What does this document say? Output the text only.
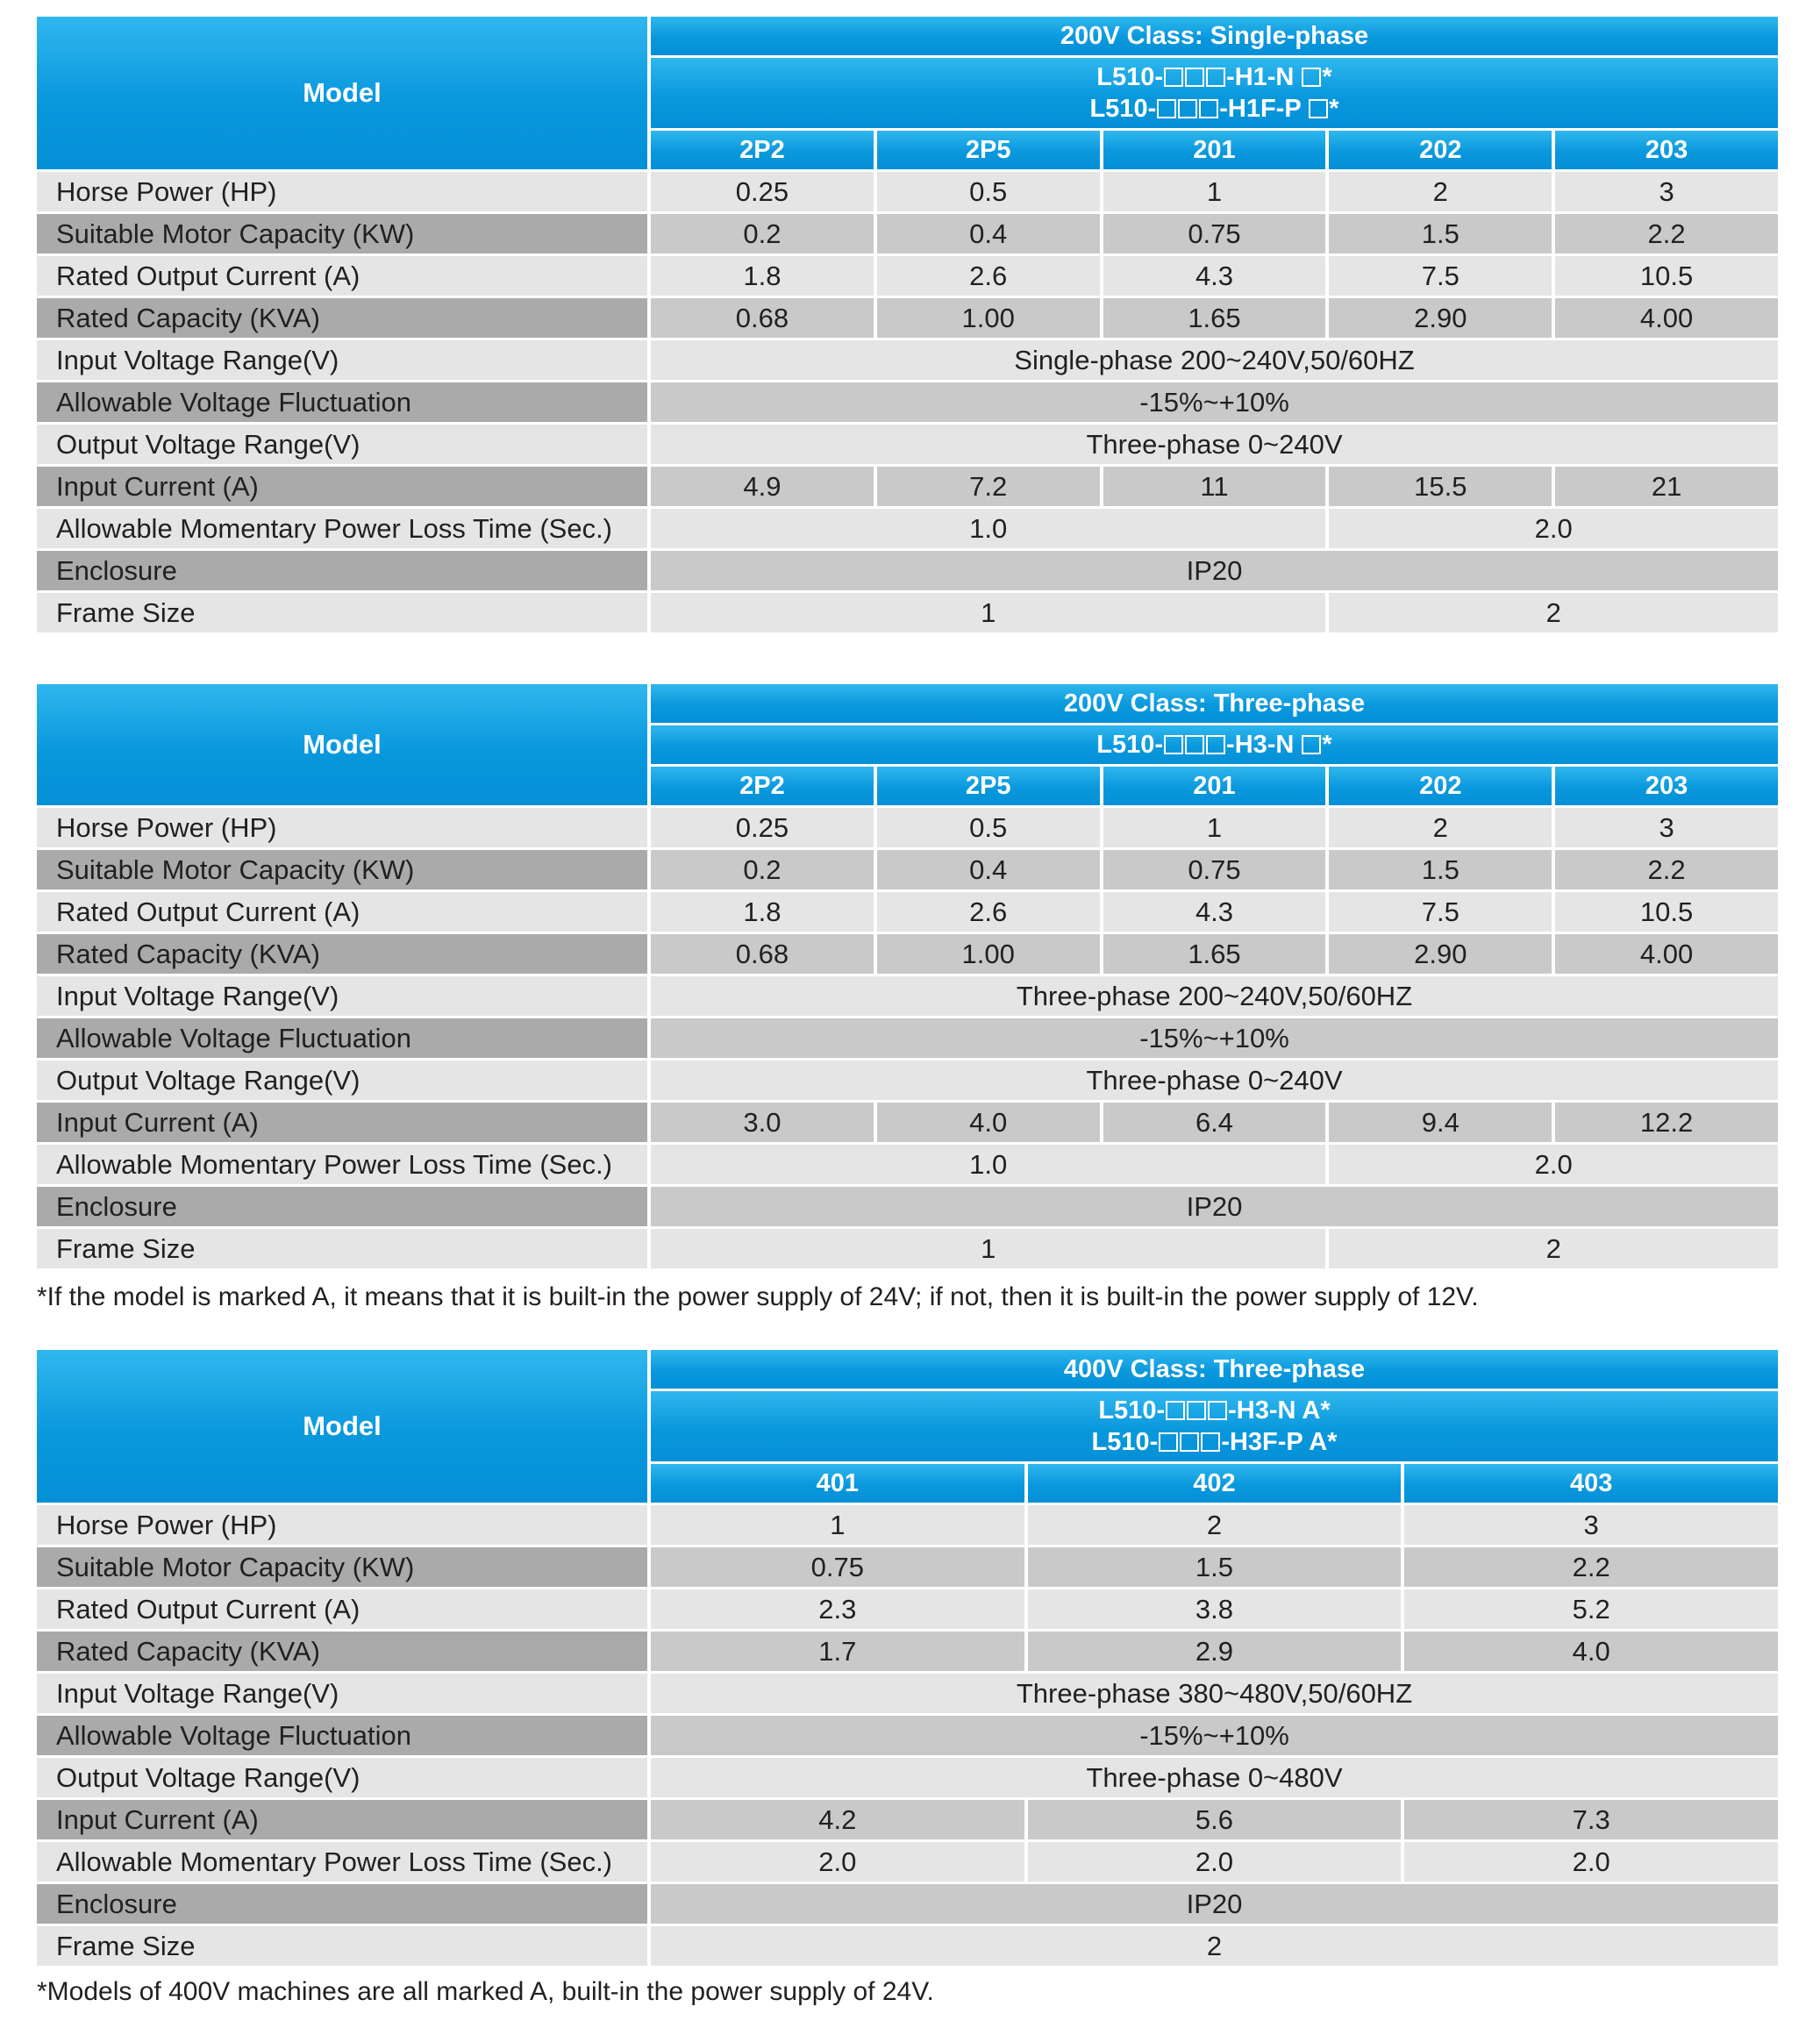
Model	200V Class: Single-phase				

	L510- -H1-N *
L510- -H1F-P *				

	2P2	2P5	201	202	203
Horse Power (HP)	0.25	0.5	1	2	3
Suitable Motor Capacity (KW)	0.2	0.4	0.75	1.5	2.2
Rated Output Current (A)	1.8	2.6	4.3	7.5	10.5
Rated Capacity (KVA)	0.68	1.00	1.65	2.90	4.00
Input Voltage Range(V)	Single-phase 200~240V,50/60HZ				
Allowable Voltage Fluctuation	-15%~+10%				
Output Voltage Range(V)	Three-phase 0~240V				
Input Current (A)	4.9	7.2	11	15.5	21
Allowable Momentary Power Loss Time (Sec.)	1.0			2.0	
Enclosure	IP20				
Frame Size	1			2	
Model	200V Class: Three-phase				

	L510- -H3-N *				

	2P2	2P5	201	202	203
Horse Power (HP)	0.25	0.5	1	2	3
Suitable Motor Capacity (KW)	0.2	0.4	0.75	1.5	2.2
Rated Output Current (A)	1.8	2.6	4.3	7.5	10.5
Rated Capacity (KVA)	0.68	1.00	1.65	2.90	4.00
Input Voltage Range(V)	Three-phase 200~240V,50/60HZ				
Allowable Voltage Fluctuation	-15%~+10%				
Output Voltage Range(V)	Three-phase 0~240V				
Input Current (A)	3.0	4.0	6.4	9.4	12.2
Allowable Momentary Power Loss Time (Sec.)	1.0			2.0	
Enclosure	IP20				
Frame Size	1			2	
*If the model is marked A, it means that it is built-in the power supply of 24V; if not, then it is built-in the power supply of 12V.
Model	400V Class: Three-phase		

	L510- -H3-N A*
L510- -H3F-P A*		

	401	402	403
Horse Power (HP)	1	2	3
Suitable Motor Capacity (KW)	0.75	1.5	2.2
Rated Output Current (A)	2.3	3.8	5.2
Rated Capacity (KVA)	1.7	2.9	4.0
Input Voltage Range(V)	Three-phase 380~480V,50/60HZ		
Allowable Voltage Fluctuation	-15%~+10%		
Output Voltage Range(V)	Three-phase 0~480V		
Input Current (A)	4.2	5.6	7.3
Allowable Momentary Power Loss Time (Sec.)	2.0	2.0	2.0
Enclosure	IP20		
Frame Size	2		
*Models of 400V machines are all marked A, built-in the power supply of 24V.
